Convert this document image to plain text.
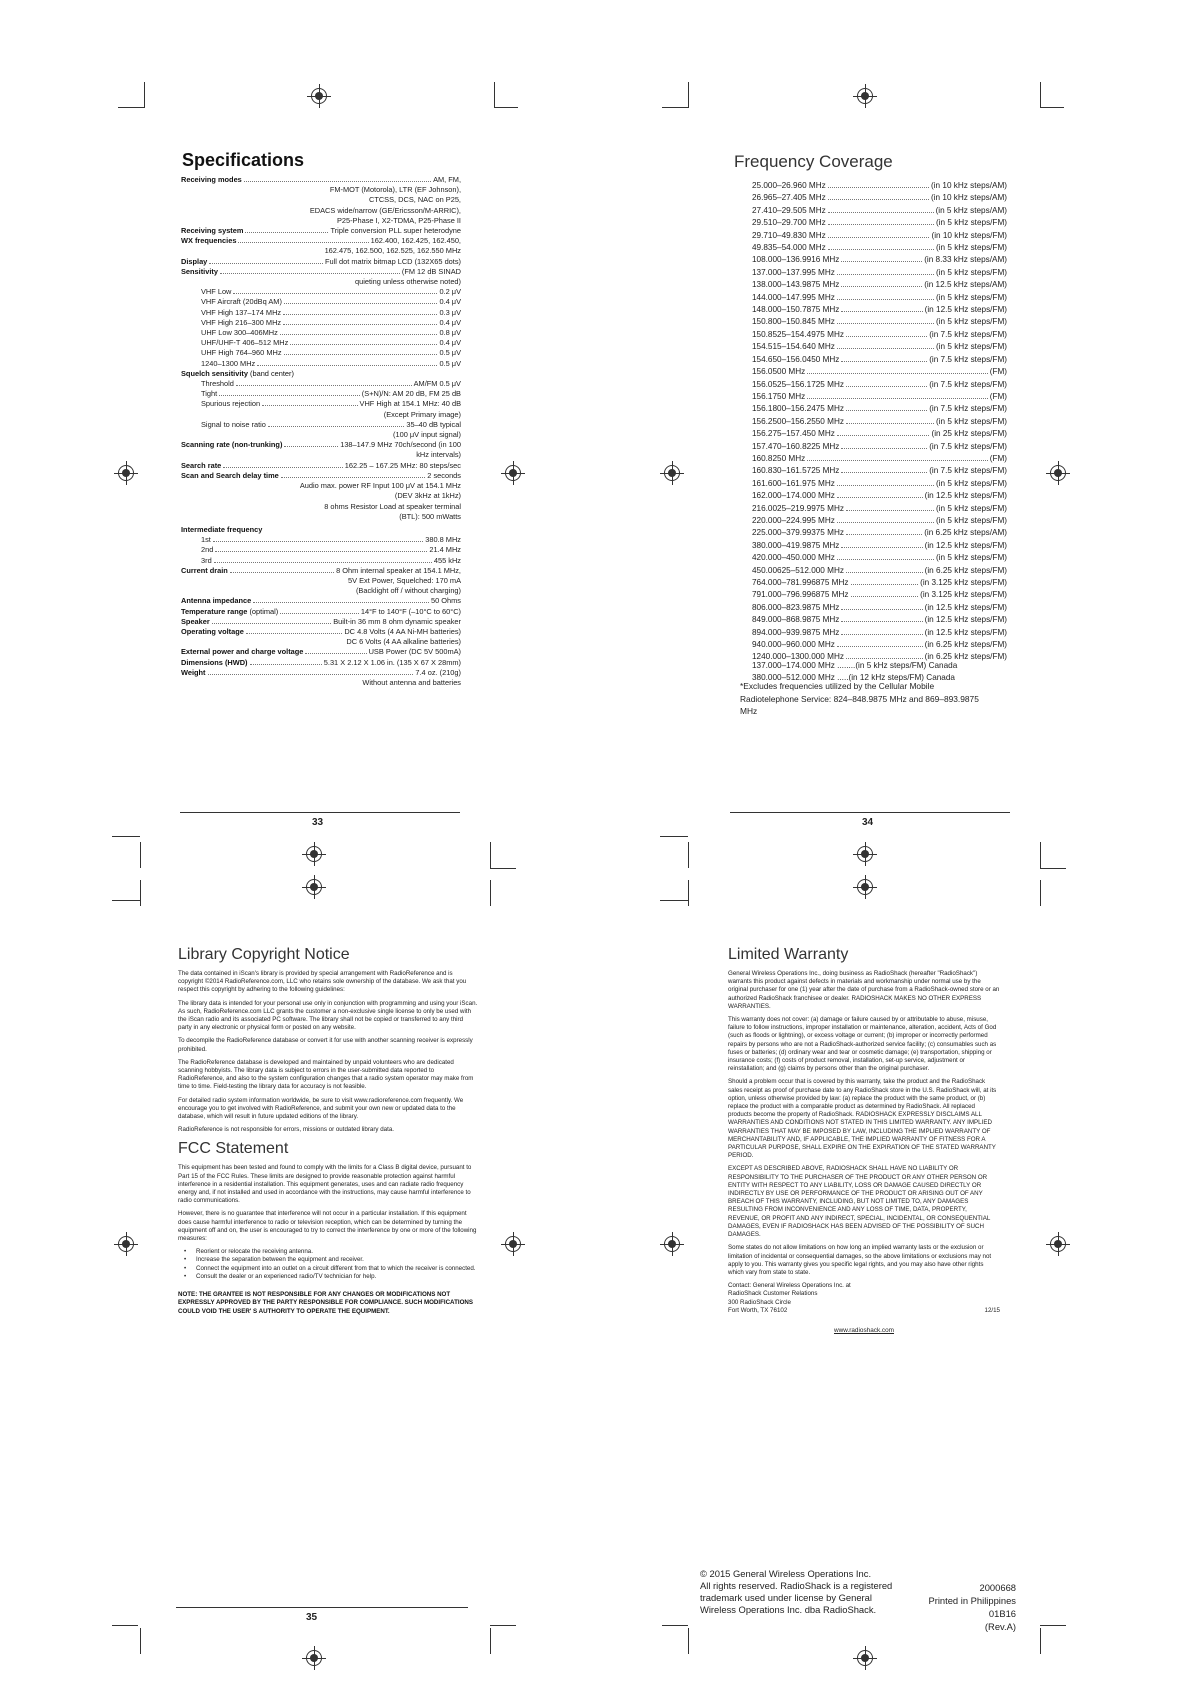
Specifications
Receiving modes	AM, FM,
FM-MOT (Motorola), LTR (EF Johnson),
CTCSS, DCS, NAC on P25,
EDACS wide/narrow (GE/Ericsson/M-ARRIC),
P25-Phase I, X2-TDMA, P25-Phase II
Receiving system	Triple conversion PLL super heterodyne
WX frequencies	162.400, 162.425, 162.450,
162.475, 162.500, 162.525, 162.550 MHz
Display	Full dot matrix bitmap LCD (132X65 dots)
Sensitivity	(FM 12 dB SINAD
quieting unless otherwise noted)
VHF Low	0.2 μV
VHF Aircraft (20dBq AM)	0.4 μV
VHF High 137–174 MHz	0.3 μV
VHF High 216–300 MHz	0.4 μV
UHF Low 300–406MHz	0.8 μV
UHF/UHF-T 406–512 MHz	0.4 μV
UHF High 764–960 MHz	0.5 μV
1240–1300 MHz	0.5 μV
Squelch sensitivity (band center)
Threshold	AM/FM 0.5 μV
Tight	(S+N)/N: AM 20 dB, FM 25 dB
Spurious rejection	VHF High at 154.1 MHz: 40 dB
(Except Primary image)
Signal to noise ratio	35–40 dB typical
(100 μV input signal)
Scanning rate (non-trunking)	138–147.9 MHz 70ch/second (in 100
kHz intervals)
Search rate	162.25 – 167.25 MHz: 80 steps/sec
Scan and Search delay time	2 seconds
Audio max. power RF Input 100 μV at 154.1 MHz
(DEV 3kHz at 1kHz)
8 ohms Resistor Load at speaker terminal
(BTL): 500 mWatts
Intermediate frequency
1st	380.8 MHz
2nd	21.4 MHz
3rd	455 kHz
Current drain	8 Ohm internal speaker at 154.1 MHz,
5V Ext Power, Squelched: 170 mA
(Backlight off / without charging)
Antenna impedance	50 Ohms
Temperature range (optimal)	14°F to 140°F (–10°C to 60°C)
Speaker	Built-in 36 mm 8 ohm dynamic speaker
Operating voltage	DC 4.8 Volts (4 AA Ni-MH batteries)
DC 6 Volts (4 AA alkaline batteries)
External power and charge voltage	USB Power (DC 5V 500mA)
Dimensions (HWD)	5.31 X 2.12 X 1.06 in. (135 X 67 X 28mm)
Weight	7.4 oz. (210g)
Without antenna and batteries
33
Frequency Coverage
25.000–26.960 MHz	(in 10 kHz steps/AM)
26.965–27.405 MHz	(in 10 kHz steps/AM)
27.410–29.505 MHz	(in 5 kHz steps/AM)
29.510–29.700 MHz	(in 5 kHz steps/FM)
29.710–49.830 MHz	(in 10 kHz steps/FM)
49.835–54.000 MHz	(in 5 kHz steps/FM)
108.000–136.9916 MHz	(in 8.33 kHz steps/AM)
137.000–137.995 MHz	(in 5 kHz steps/FM)
138.000–143.9875 MHz	(in 12.5 kHz steps/AM)
144.000–147.995 MHz	(in 5 kHz steps/FM)
148.000–150.7875 MHz	(in 12.5 kHz steps/FM)
150.800–150.845 MHz	(in 5 kHz steps/FM)
150.8525–154.4975 MHz	(in 7.5 kHz steps/FM)
154.515–154.640 MHz	(in 5 kHz steps/FM)
154.650–156.0450 MHz	(in 7.5 kHz steps/FM)
156.0500 MHz	(FM)
156.0525–156.1725 MHz	(in 7.5 kHz steps/FM)
156.1750 MHz	(FM)
156.1800–156.2475 MHz	(in 7.5 kHz steps/FM)
156.2500–156.2550 MHz	(in 5 kHz steps/FM)
156.275–157.450 MHz	(in 25 kHz steps/FM)
157.470–160.8225 MHz	(in 7.5 kHz steps/FM)
160.8250 MHz	(FM)
160.830–161.5725 MHz	(in 7.5 kHz steps/FM)
161.600–161.975 MHz	(in 5 kHz steps/FM)
162.000–174.000 MHz	(in 12.5 kHz steps/FM)
216.0025–219.9975 MHz	(in 5 kHz steps/FM)
220.000–224.995 MHz	(in 5 kHz steps/FM)
225.000–379.99375 MHz	(in 6.25 kHz steps/AM)
380.000–419.9875 MHz	(in 12.5 kHz steps/FM)
420.000–450.000 MHz	(in 5 kHz steps/FM)
450.00625–512.000 MHz	(in 6.25 kHz steps/FM)
764.000–781.996875 MHz	(in 3.125 kHz steps/FM)
791.000–796.996875 MHz	(in 3.125 kHz steps/FM)
806.000–823.9875 MHz	(in 12.5 kHz steps/FM)
849.000–868.9875 MHz	(in 12.5 kHz steps/FM)
894.000–939.9875 MHz	(in 12.5 kHz steps/FM)
940.000–960.000 MHz	(in 6.25 kHz steps/FM)
1240.000–1300.000 MHz	(in 6.25 kHz steps/FM)
137.000–174.000 MHz ........(in 5 kHz steps/FM) Canada
380.000–512.000 MHz .....(in 12 kHz steps/FM) Canada
*Excludes frequencies utilized by the Cellular Mobile Radiotelephone Service: 824–848.9875 MHz and 869–893.9875 MHz
34
Library Copyright Notice

The data contained in iScan's library is provided by special arrangement with RadioReference and is copyright ©2014 RadioReference.com, LLC who retains sole ownership of the database. We ask that you respect this copyright by adhering to the following guidelines:

The library data is intended for your personal use only in conjunction with programming and using your iScan. As such, RadioReference.com LLC grants the customer a non-exclusive single license to only be used with the iScan radio and its associated PC software. The library shall not be copied or transferred to any third party in any electronic or physical form or posted on any website.

To decompile the RadioReference database or convert it for use with another scanning receiver is expressly prohibited.

The RadioReference database is developed and maintained by unpaid volunteers who are dedicated scanning hobbyists. The library data is subject to errors in the user-submitted data reported to RadioReference, and also to the system configuration changes that a radio system operator may make from time to time. Field-testing the library data for accuracy is not feasible.

For detailed radio system information worldwide, be sure to visit www.radioreference.com frequently. We encourage you to get involved with RadioReference, and submit your own new or updated data to the database, which will result in future updated editions of the library.

RadioReference is not responsible for errors, missions or outdated library data.

FCC Statement

This equipment has been tested and found to comply with the limits for a Class B digital device, pursuant to Part 15 of the FCC Rules. These limits are designed to provide reasonable protection against harmful interference in a residential installation. This equipment generates, uses and can radiate radio frequency energy and, if not installed and used in accordance with the instructions, may cause harmful interference to radio communications.

However, there is no guarantee that interference will not occur in a particular installation. If this equipment does cause harmful interference to radio or television reception, which can be determined by turning the equipment off and on, the user is encouraged to try to correct the interference by one or more of the following measures:

• Reorient or relocate the receiving antenna.
• Increase the separation between the equipment and receiver.
• Connect the equipment into an outlet on a circuit different from that to which the receiver is connected.
• Consult the dealer or an experienced radio/TV technician for help.
NOTE: THE GRANTEE IS NOT RESPONSIBLE FOR ANY CHANGES OR MODIFICATIONS NOT EXPRESSLY APPROVED BY THE PARTY RESPONSIBLE FOR COMPLIANCE. SUCH MODIFICATIONS COULD VOID THE USER' S AUTHORITY TO OPERATE THE EQUIPMENT.
35
Limited Warranty

General Wireless Operations Inc., doing business as RadioShack (hereafter "RadioShack") warrants this product against defects in materials and workmanship under normal use by the original purchaser for one (1) year after the date of purchase from a RadioShack-owned store or an authorized RadioShack franchisee or dealer. RADIOSHACK MAKES NO OTHER EXPRESS WARRANTIES.

This warranty does not cover: (a) damage or failure caused by or attributable to abuse, misuse, failure to follow instructions, improper installation or maintenance, alteration, accident, Acts of God (such as floods or lightning), or excess voltage or current; (b) improper or incorrectly performed repairs by persons who are not a RadioShack-authorized service facility; (c) consumables such as fuses or batteries; (d) ordinary wear and tear or cosmetic damage; (e) transportation, shipping or insurance costs; (f) costs of product removal, installation, set-up service, adjustment or reinstallation; and (g) claims by persons other than the original purchaser.

Should a problem occur that is covered by this warranty, take the product and the RadioShack sales receipt as proof of purchase date to any RadioShack store in the U.S. RadioShack will, at its option, unless otherwise provided by law: (a) replace the product with the same product, or (b) replace the product with a comparable product as determined by RadioShack. All replaced products become the property of RadioShack. RADIOSHACK EXPRESSLY DISCLAIMS ALL WARRANTIES AND CONDITIONS NOT STATED IN THIS LIMITED WARRANTY. ANY IMPLIED WARRANTIES THAT MAY BE IMPOSED BY LAW, INCLUDING THE IMPLIED WARRANTY OF MERCHANTABILITY AND, IF APPLICABLE, THE IMPLIED WARRANTY OF FITNESS FOR A PARTICULAR PURPOSE, SHALL EXPIRE ON THE EXPIRATION OF THE STATED WARRANTY PERIOD.

EXCEPT AS DESCRIBED ABOVE, RADIOSHACK SHALL HAVE NO LIABILITY OR RESPONSIBILITY TO THE PURCHASER OF THE PRODUCT OR ANY OTHER PERSON OR ENTITY WITH RESPECT TO ANY LIABILITY, LOSS OR DAMAGE CAUSED DIRECTLY OR INDIRECTLY BY USE OR PERFORMANCE OF THE PRODUCT OR ARISING OUT OF ANY BREACH OF THIS WARRANTY, INCLUDING, BUT NOT LIMITED TO, ANY DAMAGES RESULTING FROM INCONVENIENCE AND ANY LOSS OF TIME, DATA, PROPERTY, REVENUE, OR PROFIT AND ANY INDIRECT, SPECIAL, INCIDENTAL, OR CONSEQUENTIAL DAMAGES, EVEN IF RADIOSHACK HAS BEEN ADVISED OF THE POSSIBILITY OF SUCH DAMAGES.

Some states do not allow limitations on how long an implied warranty lasts or the exclusion or limitation of incidental or consequential damages, so the above limitations or exclusions may not apply to you. This warranty gives you specific legal rights, and you may also have other rights which vary from state to state.

Contact: General Wireless Operations Inc. at
RadioShack Customer Relations
300 RadioShack Circle
Fort Worth, TX 76102	12/15
www.radioshack.com
© 2015 General Wireless Operations Inc.
All rights reserved. RadioShack is a registered
trademark used under license by General
Wireless Operations Inc. dba RadioShack.
2000668
Printed in Philippines
01B16
(Rev.A)
